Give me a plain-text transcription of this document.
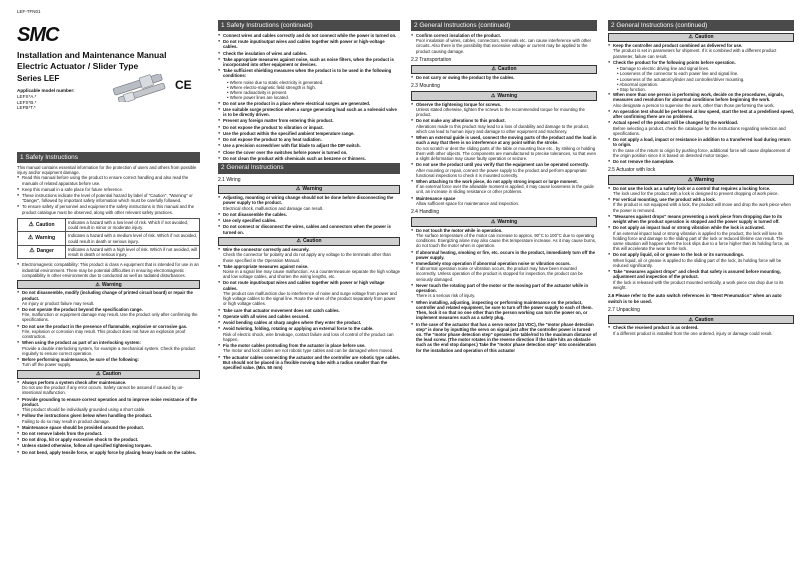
LEF-TFN01
SMC
Installation and Maintenance Manual
Electric Actuator / Slider Type
Series LEF
Applicable model number:
LEFS*A.*
LEFS*B.*
LEFB*T.*
CE
1 Safety Instructions
This manual contains essential information for the protection of users and others from possible injury and/or equipment damage.
● Read this manual before using the product to ensure correct handling and also read the manuals of related apparatus before use.
● Keep this manual in a safe place for future reference.
● These instructions indicate the level of potential hazard by label of "Caution", "Warning" or "Danger", followed by important safety information which must be carefully followed.
● To ensure safety of personnel and equipment the safety instructions in this manual and the product catalogue must be observed, along with other relevant safety practices.
⚠ Caution	Indicates a hazard with a low level of risk. Which if not avoided, could result in minor or moderate injury.
⚠ Warning	Indicates a hazard with a medium level of risk. Which if not avoided, could result in death or serious injury.
⚠ Danger	Indicates a hazard with a high level of risk. Which if not avoided, will result in death or serious injury.
● Electromagnetic compatibility: This product is class A equipment that is intended for use in an industrial environment. There may be potential difficulties in ensuring electromagnetic compatibility in other environments due to conducted as well as radiated disturbances.
⚠ Warning
● Do not disassemble, modify (including change of printed circuit board) or repair the product.
An injury or product failure may result.
● Do not operate the product beyond the specification range.
Fire, malfunction or equipment damage may result. Use the product only after confirming the specifications.
● Do not use the product in the presence of flammable, explosive or corrosive gas.
Fire, explosion or corrosion may result. This product does not have an explosion proof construction.
● When using the product as part of an interlocking system:
Provide a double interlocking system, for example a mechanical system. Check the product regularly to ensure correct operation.
● Before performing maintenance, be sure of the following:
Turn off the power supply.
⚠ Caution
● Always perform a system check after maintenance.
Do not use the product if any error occurs. Safety cannot be assured if caused by un-intentional malfunction.
● Provide grounding to ensure correct operation and to improve noise resistance of the product.
This product should be individually grounded using a short cable.
● Follow the instructions given below when handling the product.
Failing to do so may result in product damage.
● Maintenance space should be provided around the product.
● Do not remove labels from the product.
● Do not drop, hit or apply excessive shock to the product.
● Unless stated otherwise, follow all specified tightening torques.
● Do not bend, apply tensile force, or apply force by placing heavy loads on the cables.
1 Safety Instructions (continued)
● Connect wires and cables correctly and do not connect while the power is turned on.
● Do not route input/output wires and cables together with power or high-voltage cables.
● Check the insulation of wires and cables.
● Take appropriate measures against noise, such as noise filters, when the product is incorporated into other equipment or devices.
● Take sufficient shielding measures when the product is to be used in the following conditions:
• Where noise due to static electricity is generated.
• Where electro-magnetic field strength is high.
• Where radioactivity is present.
• Where power lines are located.
● Do not use the product in a place where electrical surges are generated.
● Use suitable surge protection when a surge generating load such as a solenoid valve is to be directly driven.
● Prevent any foreign matter from entering this product.
● Do not expose the product to vibration or impact.
● Use the product within the specified ambient temperature range.
● Do not expose the product to any heat radiation.
● Use a precision screwdriver with flat blade to adjust the DIP switch.
● Close the cover over the switches before power is turned on.
● Do not clean the product with chemicals such as benzene or thinners.
2 General Instructions
2.1 Wiring
⚠ Warning
● Adjusting, mounting or wiring change should not be done before disconnecting the power supply to the product.
Electrical shock, malfunction and damage can result.
● Do not disassemble the cables.
● Use only specified cables.
● Do not connect or disconnect the wires, cables and connectors when the power is turned on.
⚠ Caution
● Wire the connector correctly and securely.
Check the connector for polarity and do not apply any voltage to the terminals other than those specified in the Operation Manual.
● Take appropriate measures against noise.
Noise in a signal line may cause malfunction. As a countermeasure separate the high voltage and low voltage cables, and shorten the wiring lengths, etc.
● Do not route input/output wires and cables together with power or high voltage cables.
The product can malfunction due to interference of noise and surge voltage from power and high voltage cables to the signal line. Route the wires of the product separately from power or high voltage cables.
● Take care that actuator movement does not catch cables.
● Operate with all wires and cables secured.
● Avoid bending cables at sharp angles where they enter the product.
● Avoid twisting, folding, rotating or applying an external force to the cable.
Risk of electric shock, wire breakage, contact failure and loss of control of the product can happen.
● Fix the motor cables protruding from the actuator in place before use.
The motor and lock cables are not robotic type cables and can be damaged when moved.
● The actuator cables connecting the actuator and the controller are robotic type cables. But should not be placed in a flexible moving tube with a radius smaller than the specified value. (Min. 50 mm)
2 General Instructions (continued)
● Confirm correct insulation of the product.
Poor insulation of wires, cables, connectors, terminals etc. can cause interference with other circuits. Also there is the possibility that excessive voltage or current may be applied to the product causing damage.
2.2 Transportation
⚠ Caution
● Do not carry or swing the product by the cables.
2.3 Mounting
⚠ Warning
● Observe the tightening torque for screws.
Unless stated otherwise, tighten the screws to the recommended torque for mounting the product.
● Do not make any alterations to this product.
Alterations made to this product may lead to a loss of durability and damage to the product, which can lead to human injury and damage to other equipment and machinery.
● When an external guide is used, connect the moving parts of the product and the load in such a way that there is no interference at any point within the stroke.
Do not scratch or dent the sliding parts of the table or mounting face etc., by striking or holding them with other objects. The components are manufactured to precise tolerances, so that even a slight deformation may cause faulty operation or seizure.
● Do not use the product until you verify that the equipment can be operated correctly.
After mounting or repair, connect the power supply to the product and perform appropriate functional inspections to check it is mounted correctly.
● When attaching to the work piece, do not apply strong impact or large moment.
If an external force over the allowable moment is applied, it may cause looseness in the guide unit, an increase in sliding resistance or other problems.
● Maintenance space
Allow sufficient space for maintenance and inspection.
2.4 Handling
⚠ Warning
● Do not touch the motor while in operation.
The surface temperature of the motor can increase to approx. 90°C to 100°C due to operating conditions. Energizing alone may also cause this temperature increase. As it may cause burns, do not touch the motor when in operation.
● If abnormal heating, smoking or fire, etc. occurs in the product, immediately turn off the power supply.
● Immediately stop operation if abnormal operation noise or vibration occurs.
If abnormal operation noise or vibration occurs, the product may have been mounted incorrectly. Unless operation of the product is stopped for inspection, the product can be seriously damaged.
● Never touch the rotating part of the motor or the moving part of the actuator while in operation.
There is a serious risk of injury.
● When installing, adjusting, inspecting or performing maintenance on the product, controller and related equipment, be sure to turn off the power supply to each of them. Then, lock it so that no one other than the person working can turn the power on, or implement measures such as a safety plug.
● In the case of the actuator that has a servo motor (24 VDC), the "motor phase detection step" is done by inputting the servo on signal just after the controller power is turned on. The "motor phase detection step" operates the table/rod to the maximum distance of the lead screw. (The motor rotates in the reverse direction if the table hits an obstacle such as the end stop damper.) Take the "motor phase detection step" into consideration for the installation and operation of this actuator
2 General Instructions (continued)
⚠ Caution
● Keep the controller and product combined as delivered for use.
The product is set in parameters for shipment. If it is combined with a different product parameter, failure can result.
● Check the product for the following points before operation.
• Damage to electric driving line and signal lines.
• Looseness of the connector to each power line and signal line.
• Looseness of the actuator/cylinder and controller/driver mounting.
• Abnormal operation.
• Stop function.
● When more than one person is performing work, decide on the procedures, signals, measures and resolution for abnormal conditions before beginning the work.
Also designate a person to supervise the work, other than those performing the work.
● An operation test should be performed at low speed, start the test at a predefined speed, after confirming there are no problems.
● Actual speed of the product will be changed by the workload.
Before selecting a product, check the catalogue for the instructions regarding selection and specifications.
● Do not apply a load, impact or resistance in addition to a transferred load during return to origin.
In the case of the return to origin by pushing force, additional force will cause displacement of the origin position since it is based on detected motor torque.
● Do not remove the nameplate.
2.5 Actuator with lock
⚠ Warning
● Do not use the lock as a safety lock or a control that requires a locking force.
The lock used for the product with a lock is designed to prevent dropping of work piece.
● For vertical mounting, use the product with a lock.
If the product is not equipped with a lock, the product will move and drop the work piece when the power is removed.
● "Measures against drops" means preventing a work piece from dropping due to its weight when the product operation is stopped and the power supply is turned off.
● Do not apply an impact load or strong vibration while the lock is activated.
If an external impact load or strong vibration is applied to the product, the lock will lose its holding force and damage to the sliding part of the lock or reduced lifetime can result. The same situation will happen when the lock slips due to a force higher than its holding force, as this will accelerate the wear to the lock.
● Do not apply liquid, oil or grease to the lock or its surroundings.
When liquid, oil or grease is applied to the sliding part of the lock, its holding force will be reduced significantly.
● Take "measures against drops" and check that safety is assured before mounting, adjustment and inspection of the product.
If the lock is released with the product mounted vertically, a work piece can drop due to its weight.
2.6 Please refer to the auto switch references in "Best Pneumatics" when an auto switch is to be used.
2.7 Unpacking
⚠ Caution
● Check the received product is as ordered.
If a different product is installed from the one ordered, injury or damage could result.
